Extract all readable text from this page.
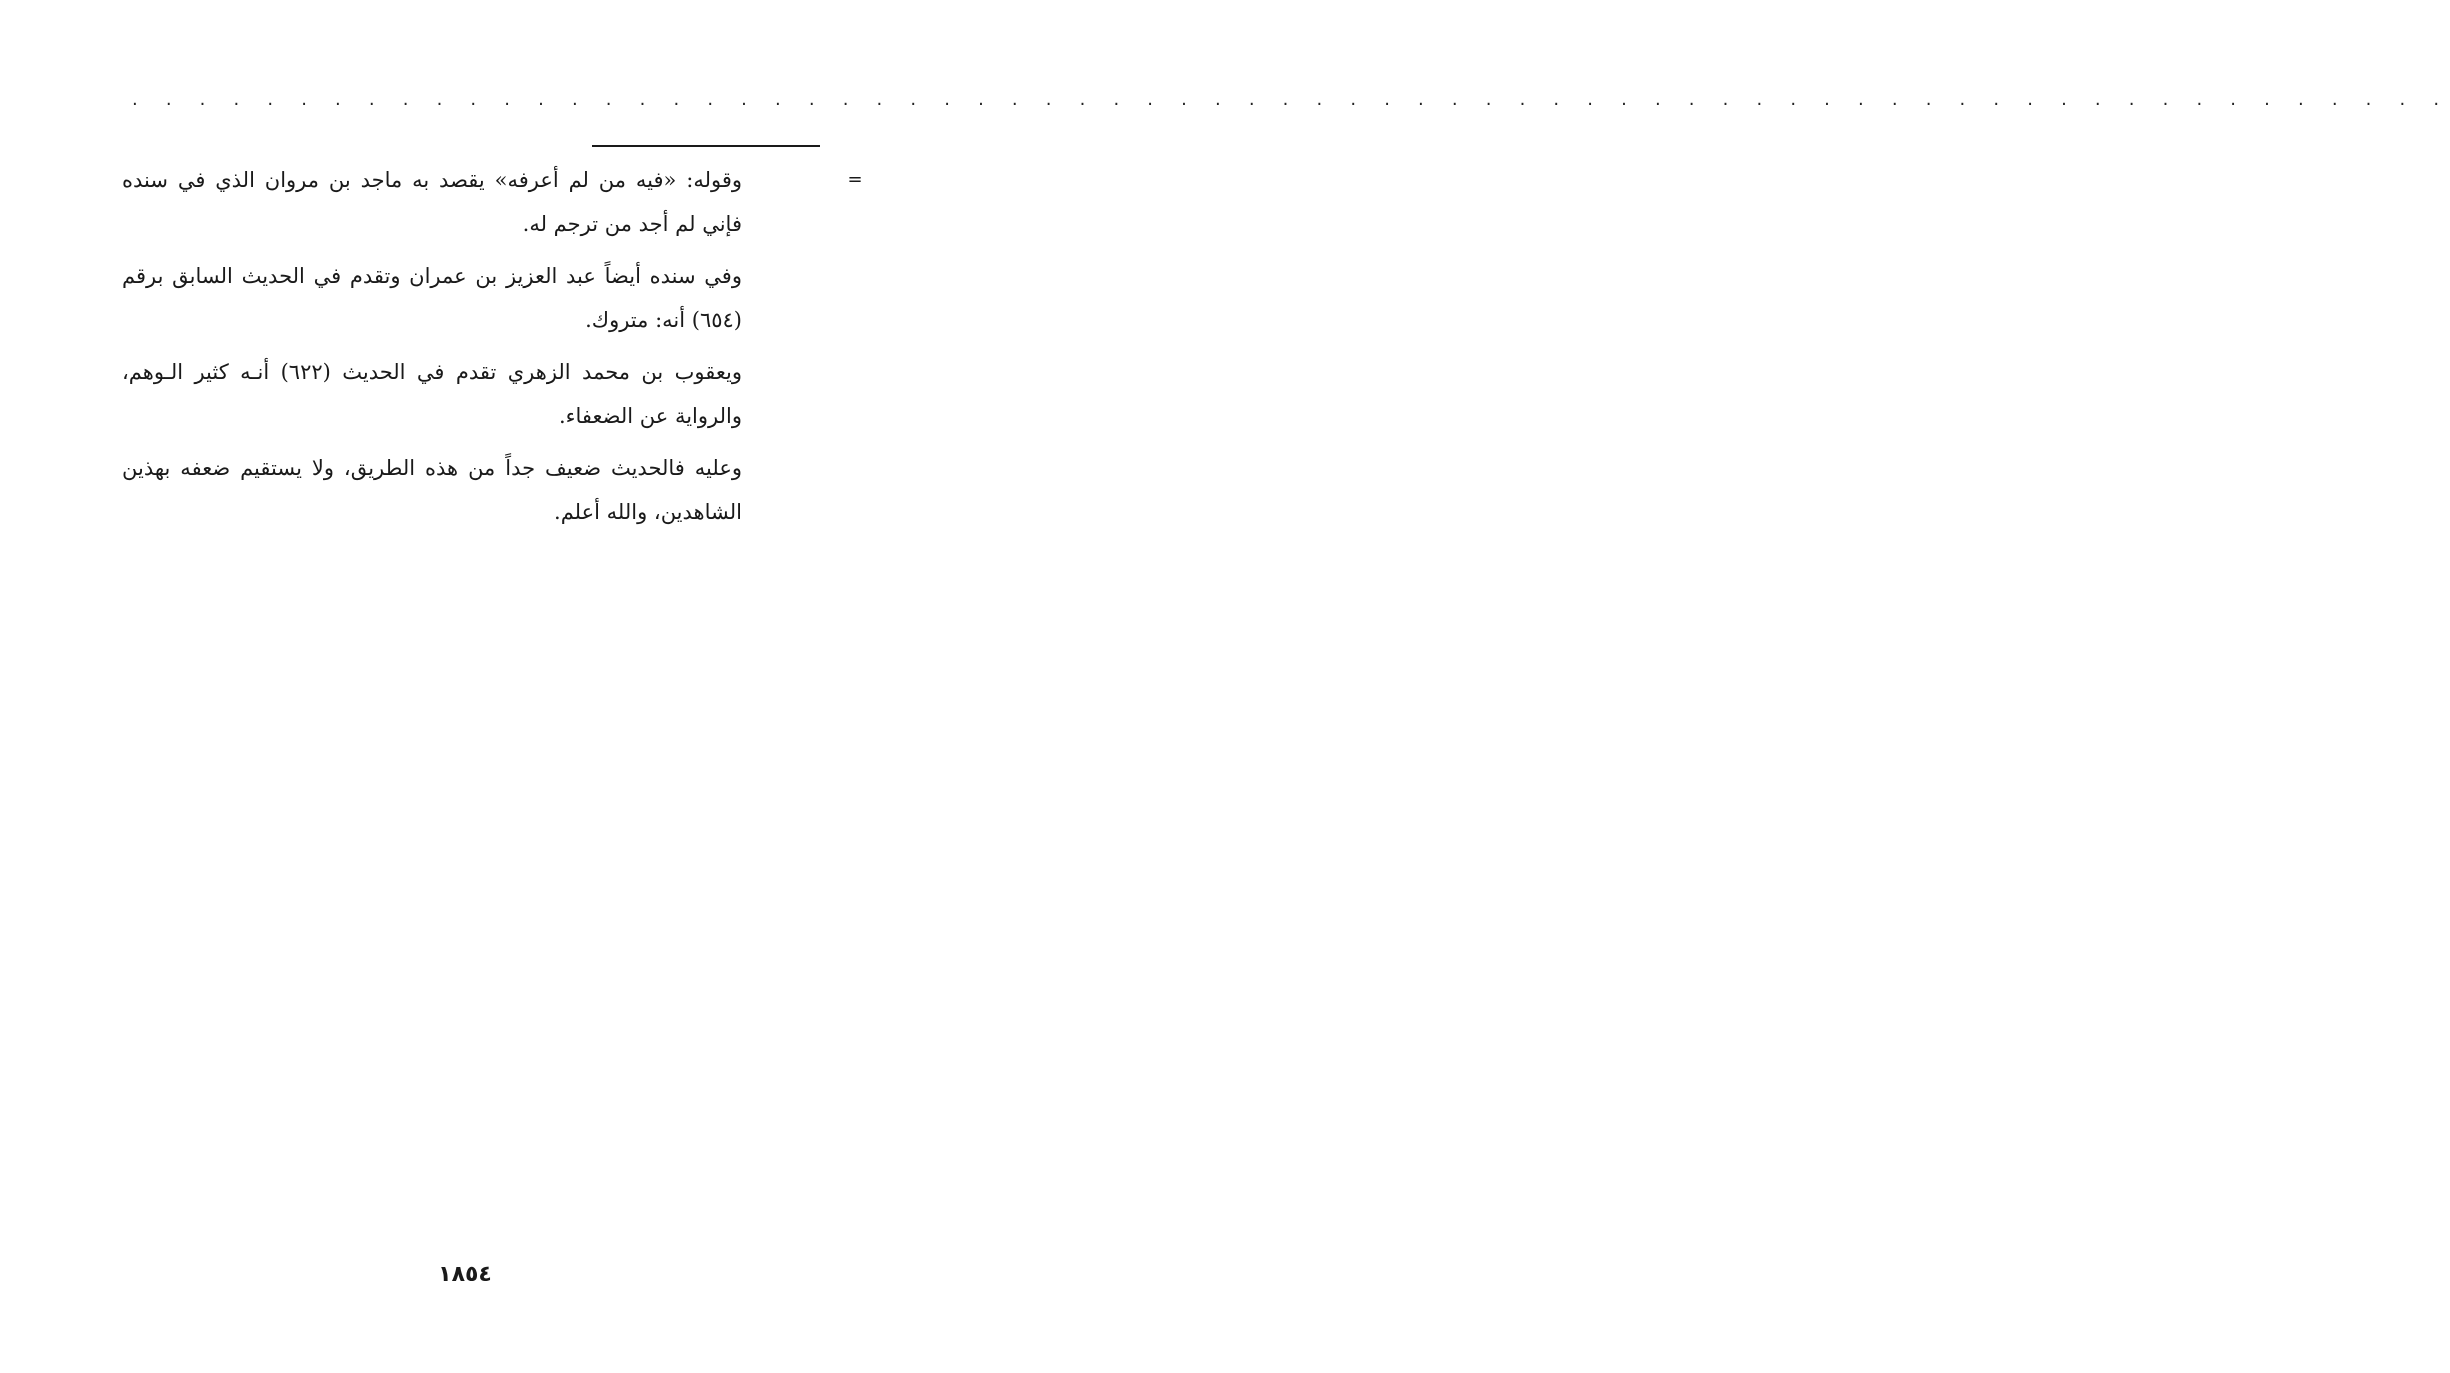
. . . . . . . . . . . . . . . . . . . . . . . . . . . . . . . . . . . . . . . . . . . . . . . . . . . . . . . . . . . . . . . . . . . . .
=

وقوله: «فيه من لم أعرفه» يقصد به ماجد بن مروان الذي في سنده فإني لم أجد من ترجم له.

وفي سنده أيضاً عبد العزيز بن عمران وتقدم في الحديث السابق برقم (٦٥٤) أنه: متروك.

ويعقوب بن محمد الزهري تقدم في الحديث (٦٢٢) أنـه كثير الـوهم، والرواية عن الضعفاء.

وعليه فالحديث ضعيف جداً من هذه الطريق، ولا يستقيم ضعفه بهذين الشاهدين، والله أعلم.

١٨٥٤
